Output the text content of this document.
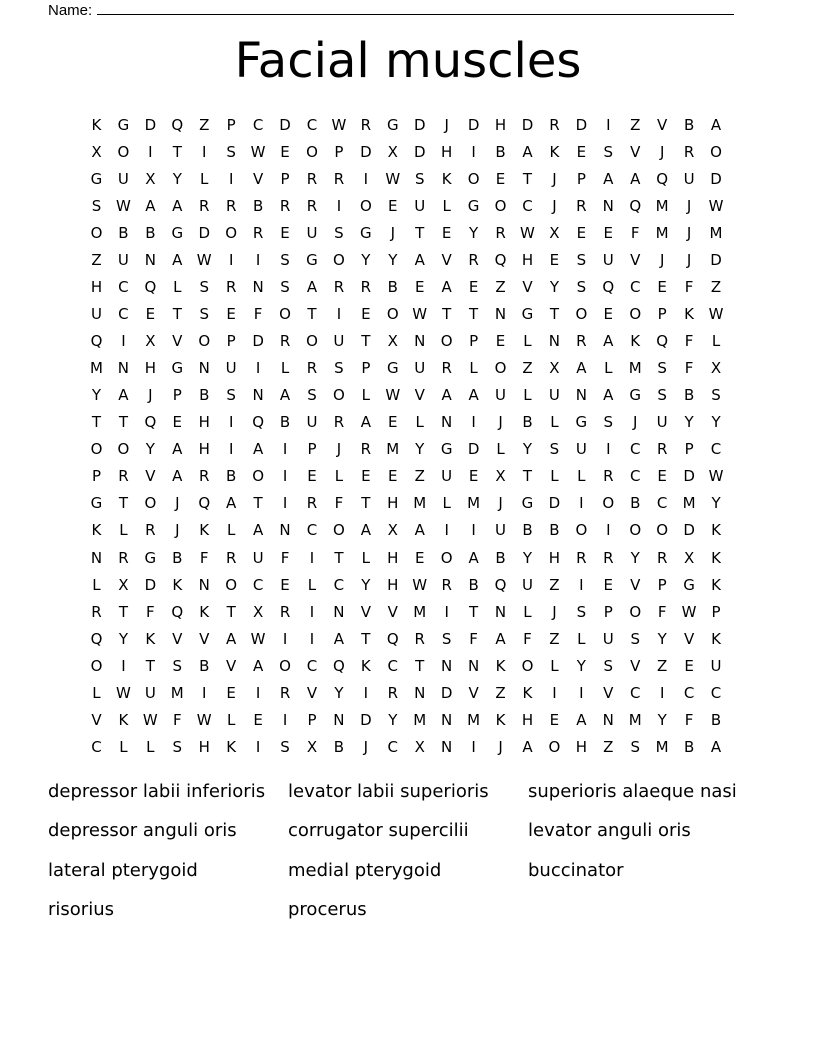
Name:
Facial muscles
K	G	D	Q	Z	P	C	D	C	W	R	G	D	J	D	H	D	R	D	I	Z	V	B	A
X	O	I	T	I	S	W	E	O	P	D	X	D	H	I	B	A	K	E	S	V	J	R	O
G	U	X	Y	L	I	V	P	R	R	I	W	S	K	O	E	T	J	P	A	A	Q	U	D
S	W	A	A	R	R	B	R	R	I	O	E	U	L	G	O	C	J	R	N	Q	M	J	W
O	B	B	G	D	O	R	E	U	S	G	J	T	E	Y	R	W	X	E	E	F	M	J	M
Z	U	N	A	W	I	I	S	G	O	Y	Y	A	V	R	Q	H	E	S	U	V	J	J	D
H	C	Q	L	S	R	N	S	A	R	R	B	E	A	E	Z	V	Y	S	Q	C	E	F	Z
U	C	E	T	S	E	F	O	T	I	E	O	W	T	T	N	G	T	O	E	O	P	K	W
Q	I	X	V	O	P	D	R	O	U	T	X	N	O	P	E	L	N	R	A	K	Q	F	L
M	N	H	G	N	U	I	L	R	S	P	G	U	R	L	O	Z	X	A	L	M	S	F	X
Y	A	J	P	B	S	N	A	S	O	L	W	V	A	A	U	L	U	N	A	G	S	B	S
T	T	Q	E	H	I	Q	B	U	R	A	E	L	N	I	J	B	L	G	S	J	U	Y	Y
O	O	Y	A	H	I	A	I	P	J	R	M	Y	G	D	L	Y	S	U	I	C	R	P	C
P	R	V	A	R	B	O	I	E	L	E	E	Z	U	E	X	T	L	L	R	C	E	D	W
G	T	O	J	Q	A	T	I	R	F	T	H	M	L	M	J	G	D	I	O	B	C	M	Y
K	L	R	J	K	L	A	N	C	O	A	X	A	I	I	U	B	B	O	I	O	O	D	K
N	R	G	B	F	R	U	F	I	T	L	H	E	O	A	B	Y	H	R	R	Y	R	X	K
L	X	D	K	N	O	C	E	L	C	Y	H	W	R	B	Q	U	Z	I	E	V	P	G	K
R	T	F	Q	K	T	X	R	I	N	V	V	M	I	T	N	L	J	S	P	O	F	W	P
Q	Y	K	V	V	A	W	I	I	A	T	Q	R	S	F	A	F	Z	L	U	S	Y	V	K
O	I	T	S	B	V	A	O	C	Q	K	C	T	N	N	K	O	L	Y	S	V	Z	E	U
L	W	U	M	I	E	I	R	V	Y	I	R	N	D	V	Z	K	I	I	V	C	I	C	C
V	K	W	F	W	L	E	I	P	N	D	Y	M	N	M	K	H	E	A	N	M	Y	F	B
C	L	L	S	H	K	I	S	X	B	J	C	X	N	I	J	A	O	H	Z	S	M	B	A
depressor labii inferioris	levator labii superioris	superioris alaeque nasi
depressor anguli oris	corrugator supercilii	levator anguli oris
lateral pterygoid	medial pterygoid	buccinator
risorius	procerus
